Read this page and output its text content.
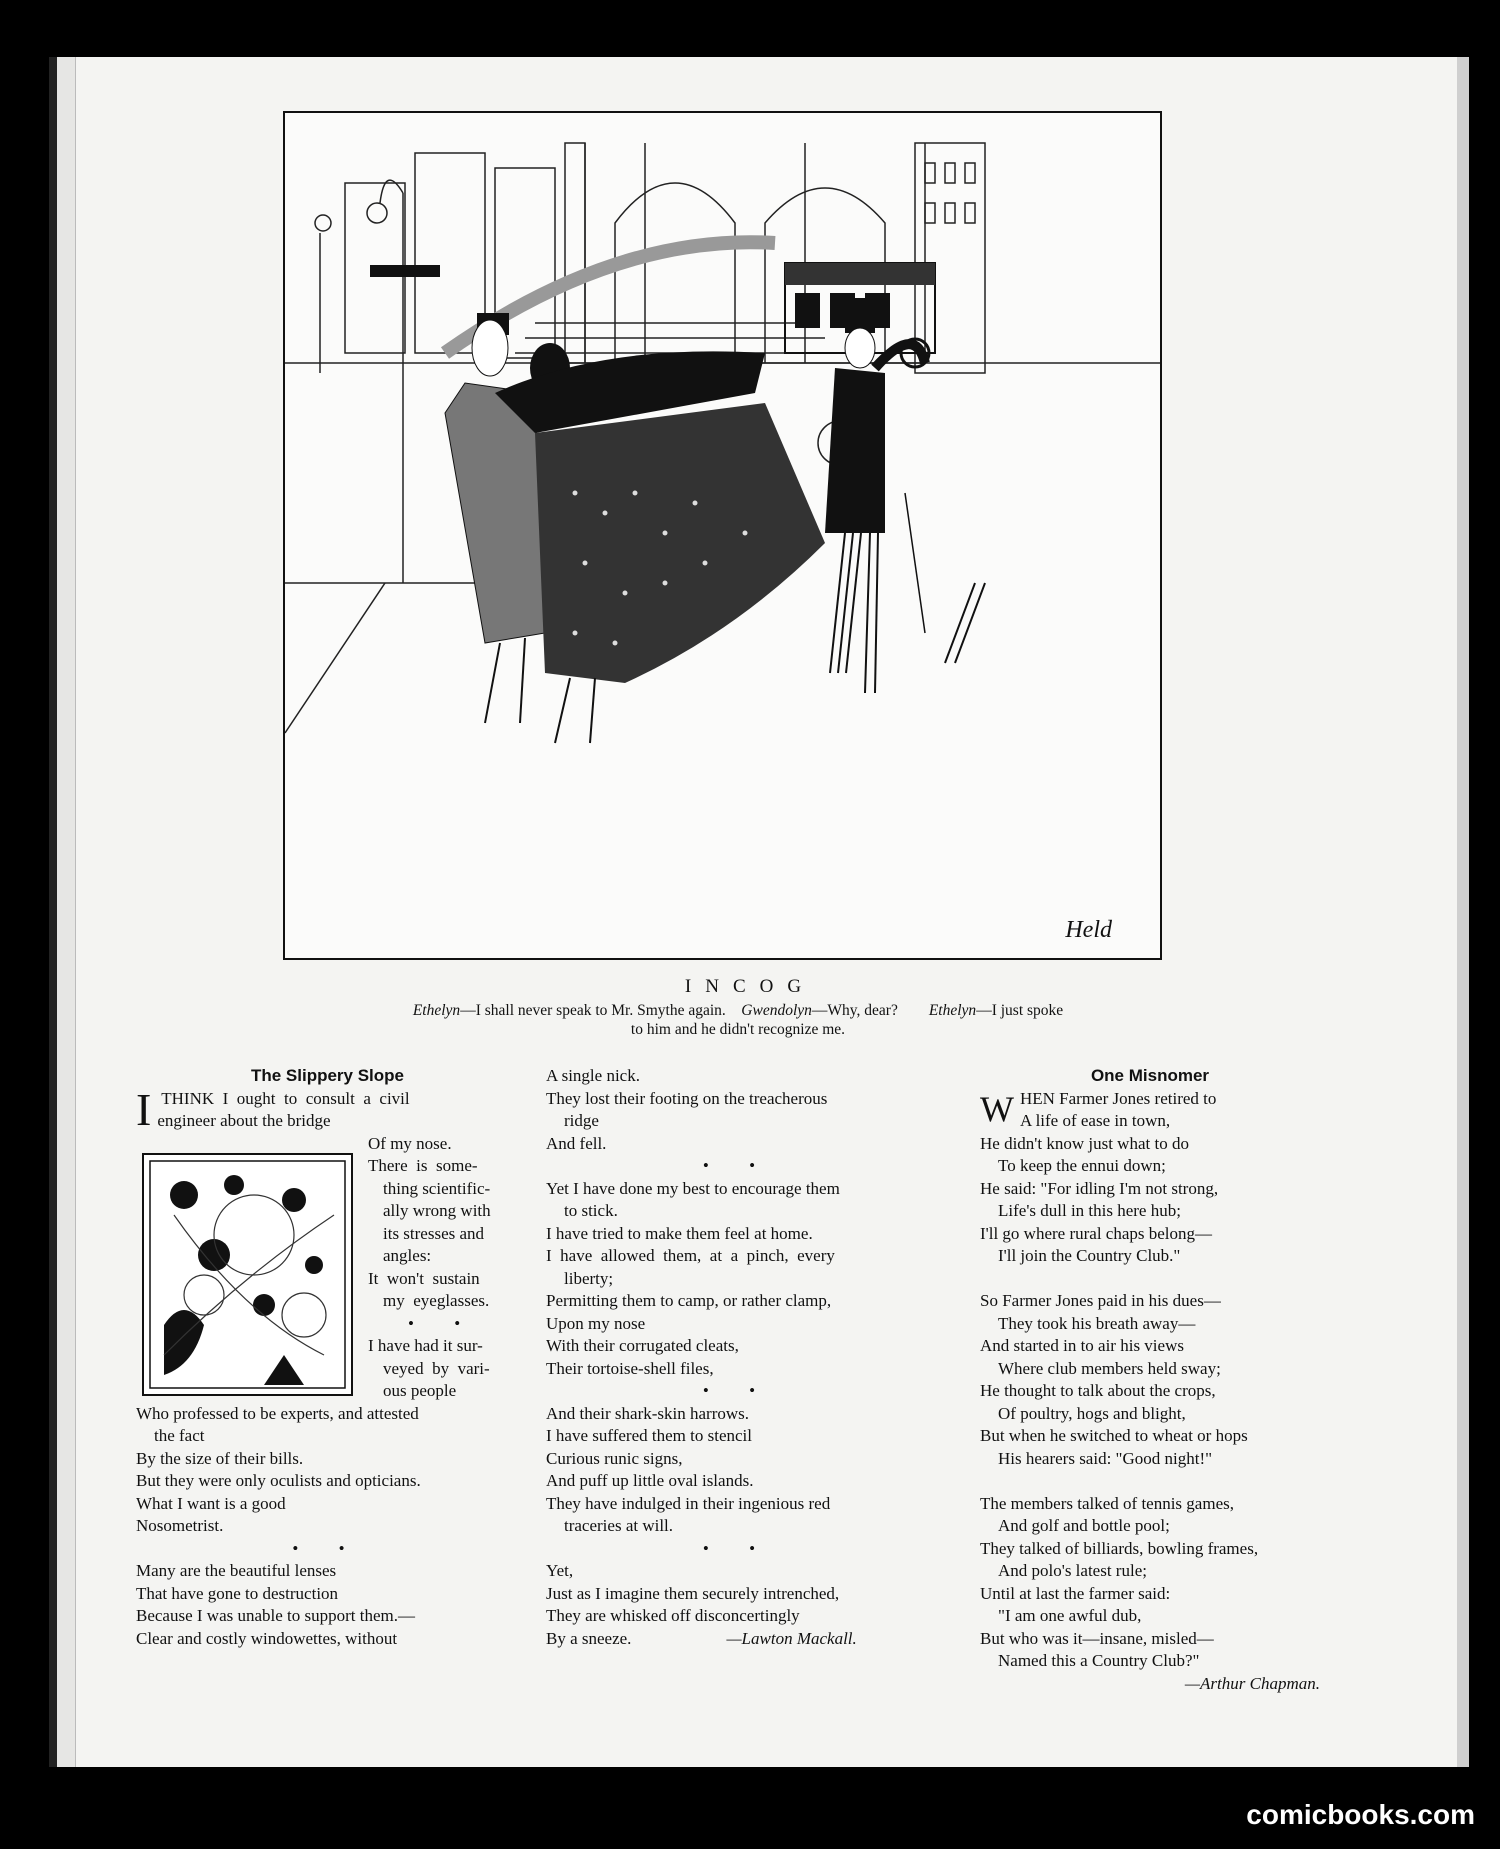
Held
INCOG
Ethelyn—I shall never speak to Mr. Smythe again. Gwendolyn—Why, dear? Ethelyn—I just spoke
to him and he didn't recognize me.
The Slippery Slope
I THINK  I  ought  to  consult  a  civil
engineer about the bridge
Of my nose.
There  is  some-
thing scientific-
ally wrong with
its stresses and
angles:
It  won't  sustain
my  eyeglasses.
• •
I have had it sur-
veyed  by  vari-
ous people
Who professed to be experts, and attested
the fact
By the size of their bills.
But they were only oculists and opticians.
What I want is a good
Nosometrist.
• •
Many are the beautiful lenses
That have gone to destruction
Because I was unable to support them.—
Clear and costly windowettes, without
A single nick.
They lost their footing on the treacherous
ridge
And fell.
• •
Yet I have done my best to encourage them
to stick.
I have tried to make them feel at home.
I  have  allowed  them,  at  a  pinch,  every
liberty;
Permitting them to camp, or rather clamp,
Upon my nose
With their corrugated cleats,
Their tortoise-shell files,
• •
And their shark-skin harrows.
I have suffered them to stencil
Curious runic signs,
And puff up little oval islands.
They have indulged in their ingenious red
traceries at will.
• •
Yet,
Just as I imagine them securely intrenched,
They are whisked off disconcertingly
By a sneeze.	—Lawton Mackall.
One Misnomer
W HEN Farmer Jones retired to
A life of ease in town,
He didn't know just what to do
To keep the ennui down;
He said: "For idling I'm not strong,
Life's dull in this here hub;
I'll go where rural chaps belong—
I'll join the Country Club."
So Farmer Jones paid in his dues—
They took his breath away—
And started in to air his views
Where club members held sway;
He thought to talk about the crops,
Of poultry, hogs and blight,
But when he switched to wheat or hops
His hearers said: "Good night!"
The members talked of tennis games,
And golf and bottle pool;
They talked of billiards, bowling frames,
And polo's latest rule;
Until at last the farmer said:
"I am one awful dub,
But who was it—insane, misled—
Named this a Country Club?"
—Arthur Chapman.
comicbooks.com
